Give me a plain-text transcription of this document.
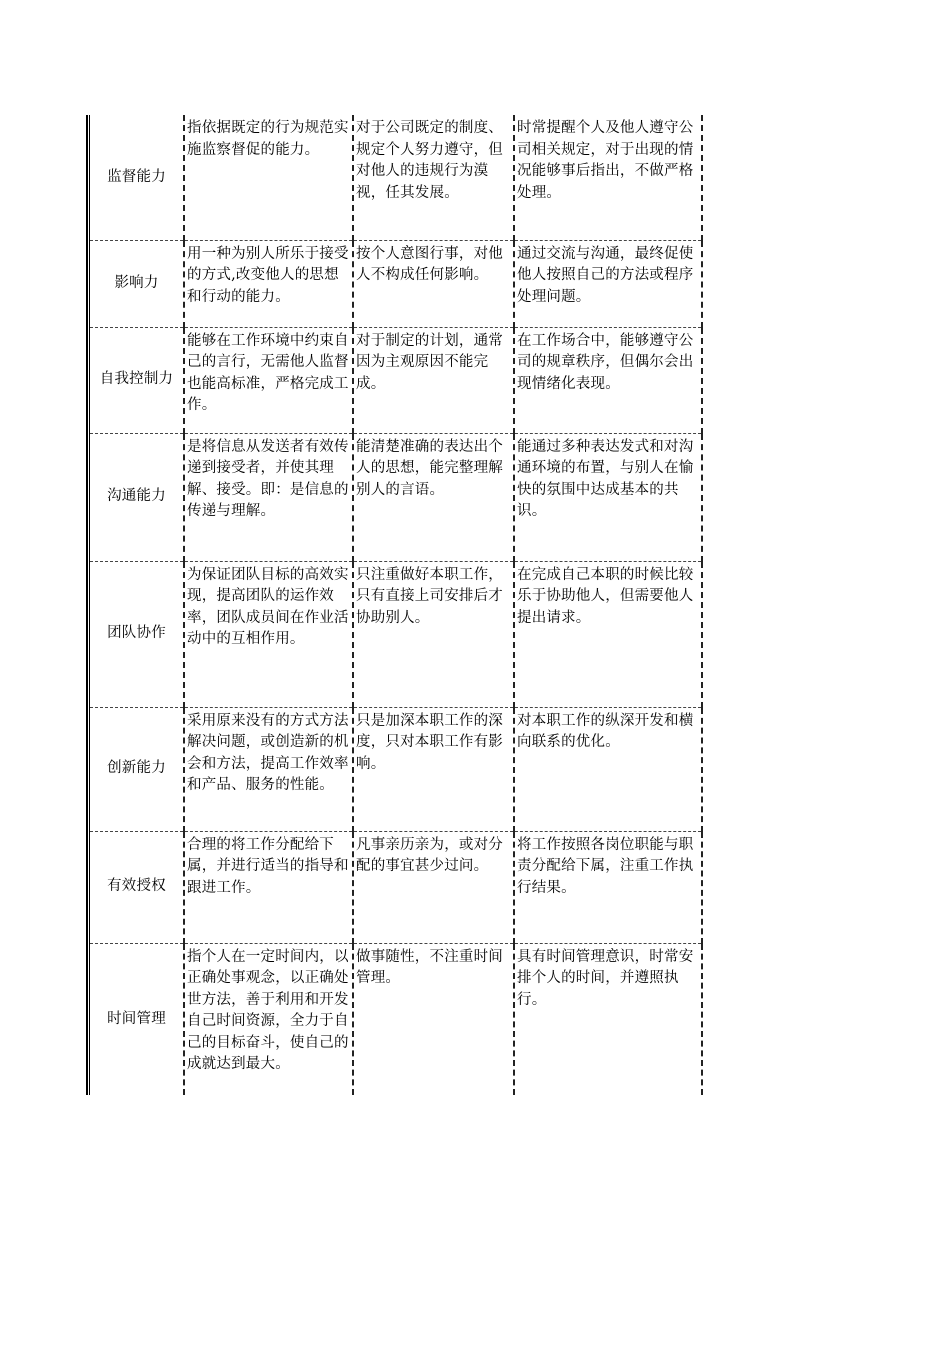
监督能力	指依据既定的行为规范实施监察督促的能力。	对于公司既定的制度、规定个人努力遵守，但对他人的违规行为漠视，任其发展。	时常提醒个人及他人遵守公司相关规定，对于出现的情况能够事后指出，不做严格处理。
影响力	用一种为别人所乐于接受的方式,改变他人的思想和行动的能力。	按个人意图行事，对他人不构成任何影响。	通过交流与沟通，最终促使他人按照自己的方法或程序处理问题。
自我控制力	能够在工作环境中约束自己的言行，无需他人监督也能高标准，严格完成工作。	对于制定的计划，通常因为主观原因不能完成。	在工作场合中，能够遵守公司的规章秩序，但偶尔会出现情绪化表现。
沟通能力	是将信息从发送者有效传递到接受者，并使其理解、接受。即：是信息的传递与理解。	能清楚准确的表达出个人的思想，能完整理解别人的言语。	能通过多种表达发式和对沟通环境的布置，与别人在愉快的氛围中达成基本的共识。
团队协作	为保证团队目标的高效实现，提高团队的运作效率，团队成员间在作业活动中的互相作用。	只注重做好本职工作，只有直接上司安排后才协助别人。	在完成自己本职的时候比较乐于协助他人，但需要他人提出请求。
创新能力	采用原来没有的方式方法解决问题，或创造新的机会和方法，提高工作效率和产品、服务的性能。	只是加深本职工作的深度，只对本职工作有影响。	对本职工作的纵深开发和横向联系的优化。
有效授权	合理的将工作分配给下属，并进行适当的指导和跟进工作。	凡事亲历亲为，或对分配的事宜甚少过问。	将工作按照各岗位职能与职责分配给下属，注重工作执行结果。
时间管理	指个人在一定时间内，以正确处事观念，以正确处世方法，善于利用和开发自己时间资源，全力于自己的目标奋斗，使自己的成就达到最大。	做事随性，不注重时间管理。	具有时间管理意识，时常安排个人的时间，并遵照执行。
